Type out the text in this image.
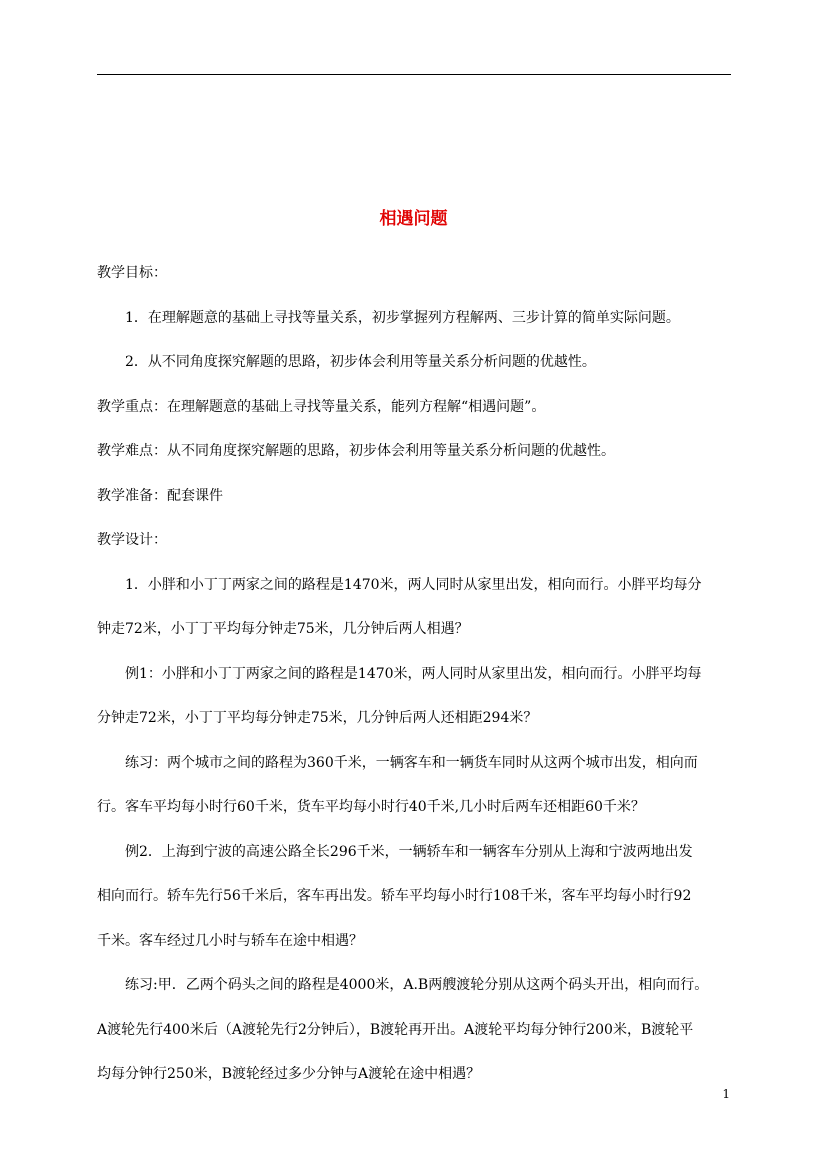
相遇问题

教学目标：

1．在理解题意的基础上寻找等量关系，初步掌握列方程解两、三步计算的简单实际问题。

2．从不同角度探究解题的思路，初步体会利用等量关系分析问题的优越性。

教学重点：在理解题意的基础上寻找等量关系，能列方程解“相遇问题”。

教学难点：从不同角度探究解题的思路，初步体会利用等量关系分析问题的优越性。

教学准备：配套课件

教学设计：

1．小胖和小丁丁两家之间的路程是1470米，两人同时从家里出发，相向而行。小胖平均每分

钟走72米，小丁丁平均每分钟走75米，几分钟后两人相遇？

例1：小胖和小丁丁两家之间的路程是1470米，两人同时从家里出发，相向而行。小胖平均每

分钟走72米，小丁丁平均每分钟走75米，几分钟后两人还相距294米？

练习：两个城市之间的路程为360千米，一辆客车和一辆货车同时从这两个城市出发，相向而

行。客车平均每小时行60千米，货车平均每小时行40千米,几小时后两车还相距60千米？

例2．上海到宁波的高速公路全长296千米，一辆轿车和一辆客车分别从上海和宁波两地出发

相向而行。轿车先行56千米后，客车再出发。轿车平均每小时行108千米，客车平均每小时行92

千米。客车经过几小时与轿车在途中相遇？

练习:甲．乙两个码头之间的路程是4000米，A.B两艘渡轮分别从这两个码头开出，相向而行。

A渡轮先行400米后（A渡轮先行2分钟后），B渡轮再开出。A渡轮平均每分钟行200米，B渡轮平

均每分钟行250米，B渡轮经过多少分钟与A渡轮在途中相遇？

1
